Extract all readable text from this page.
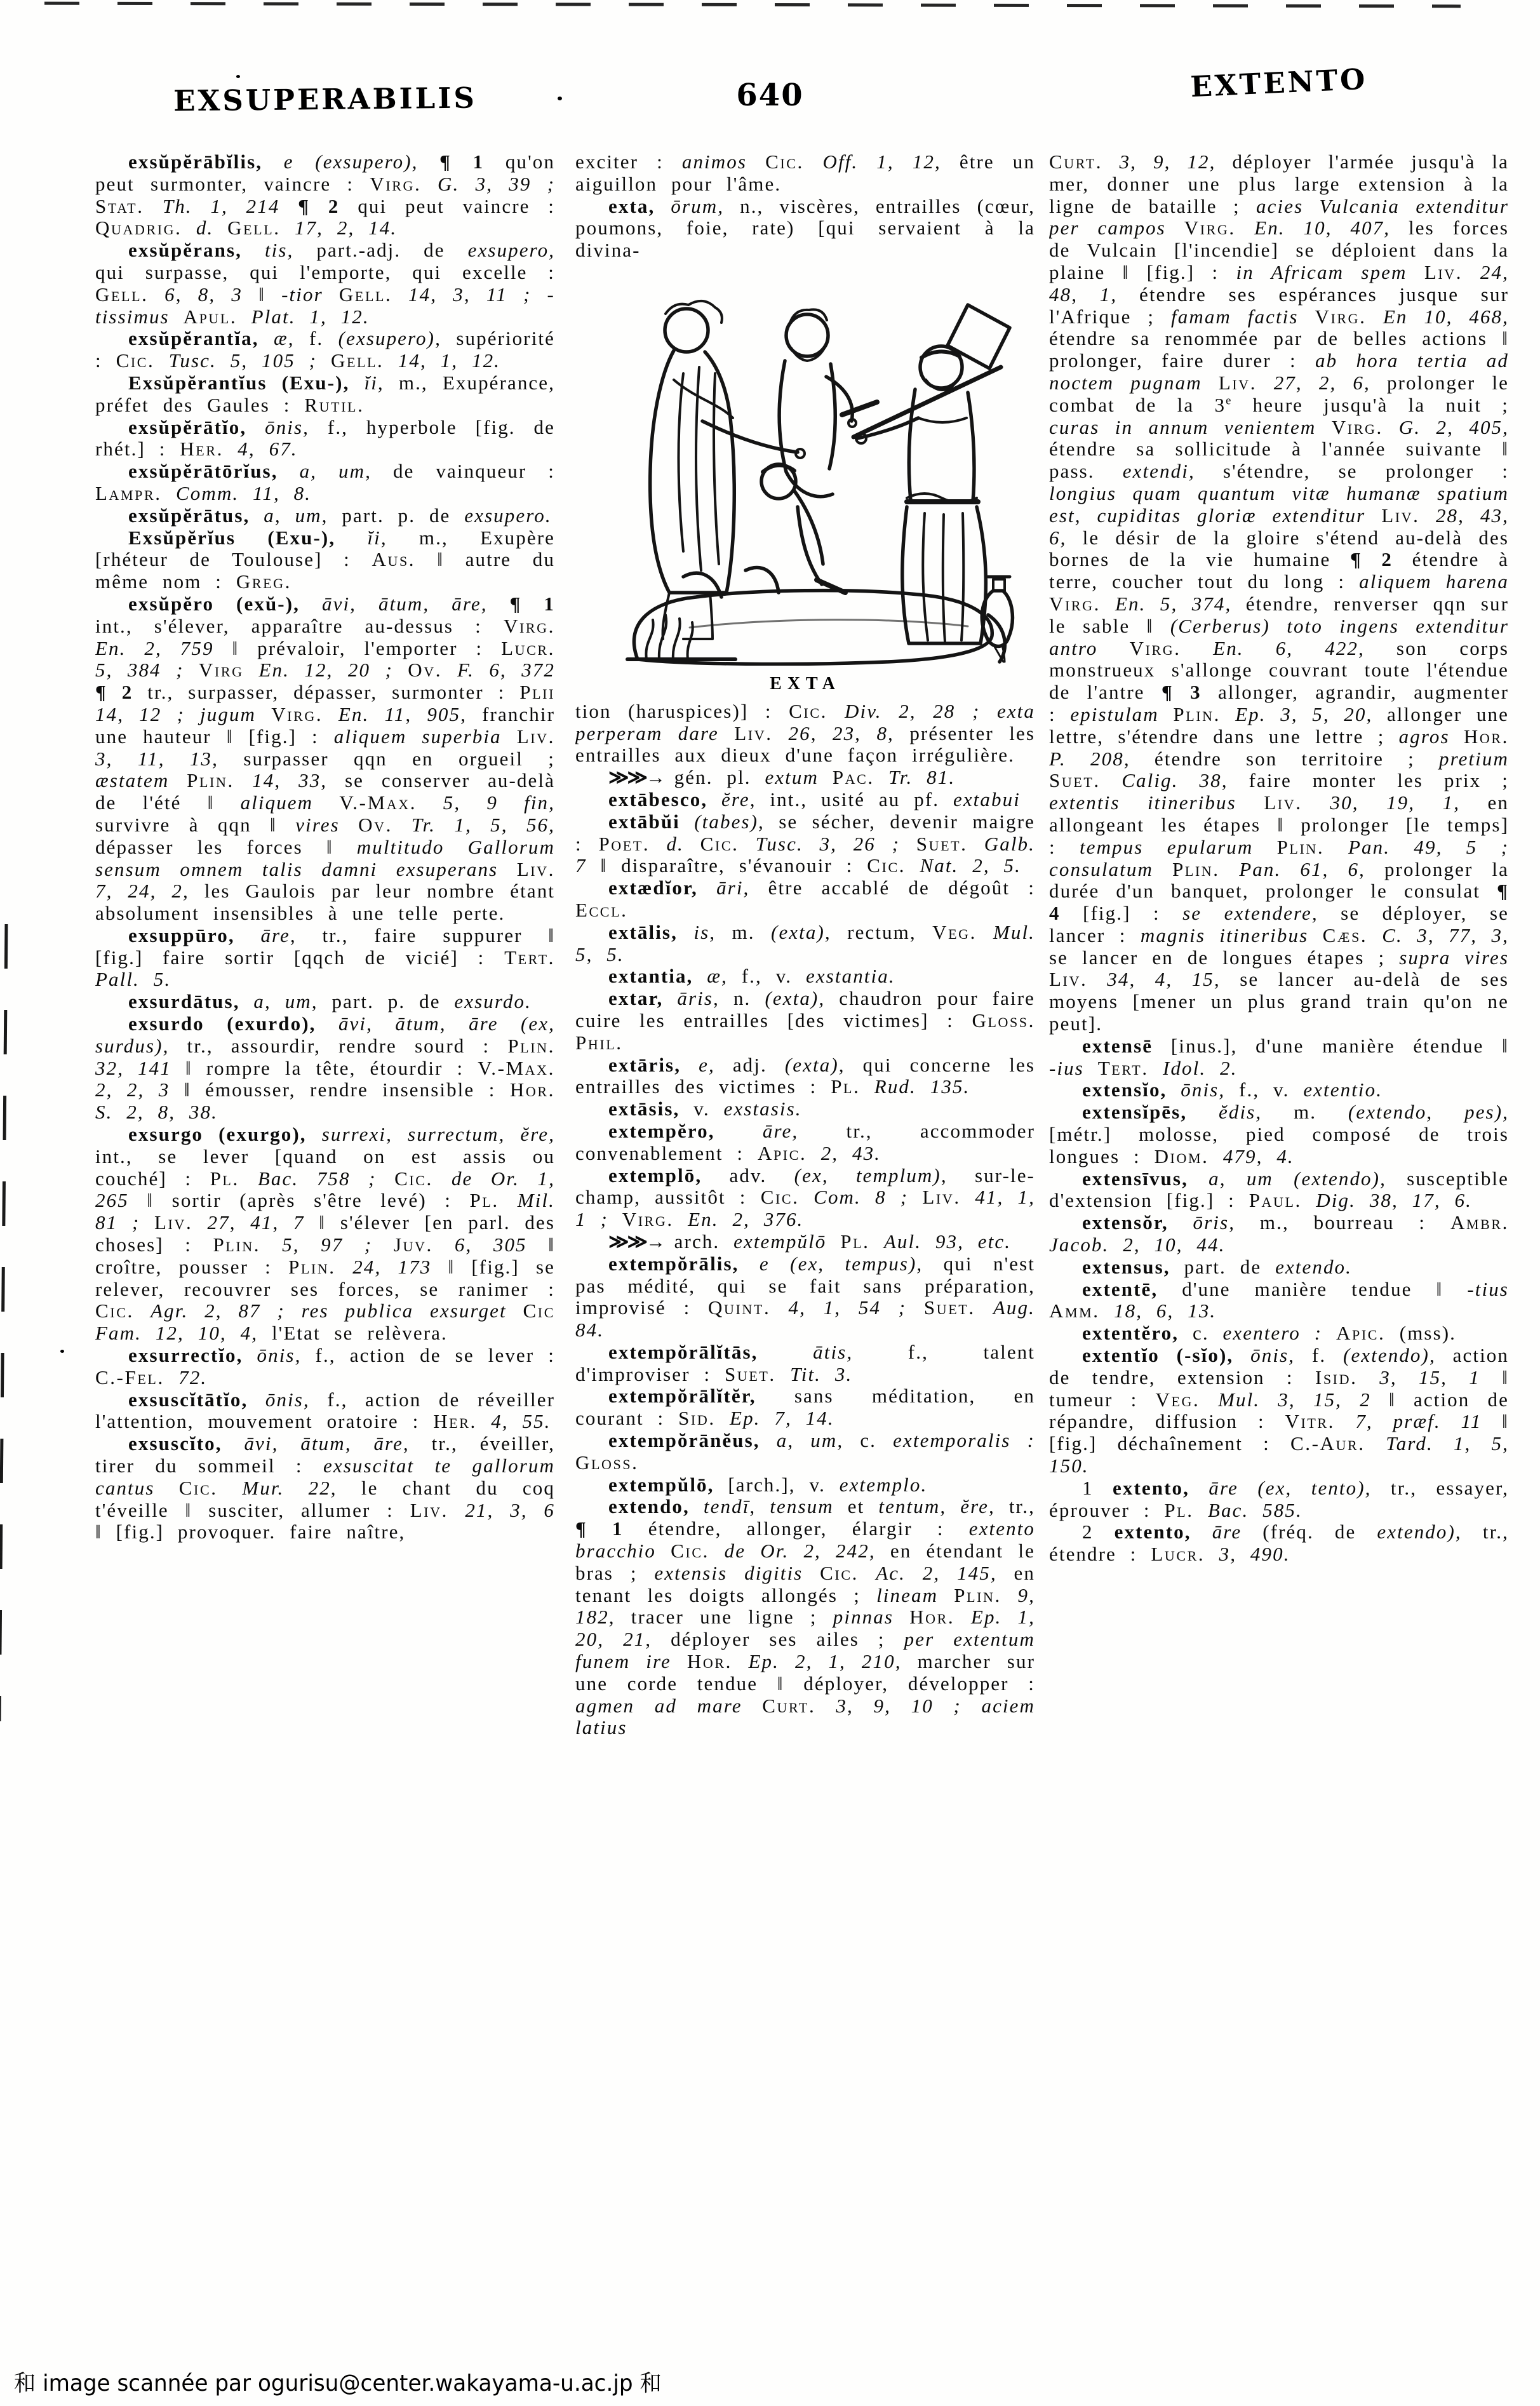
EXSUPERABILIS	640	EXTENTO

exsŭpĕrābĭlis, e (exsupero), ¶ 1 qu'on peut surmonter, vaincre : Virg. G. 3, 39 ; Stat. Th. 1, 214 ¶ 2 qui peut vaincre : Quadrig. d. Gell. 17, 2, 14.

exsŭpĕrans, tis, part.-adj. de exsupero, qui surpasse, qui l'emporte, qui excelle : Gell. 6, 8, 3 ‖ -tior Gell. 14, 3, 11 ; -tissimus Apul. Plat. 1, 12.

exsŭpĕrantĭa, æ, f. (exsupero), supériorité : Cic. Tusc. 5, 105 ; Gell. 14, 1, 12.

Exsŭpĕrantĭus (Exu-), ĭi, m., Exupérance, préfet des Gaules : Rutil.

exsŭpĕrātĭo, ōnis, f., hyperbole [fig. de rhét.] : Her. 4, 67.

exsŭpĕrātōrĭus, a, um, de vainqueur : Lampr. Comm. 11, 8.

exsŭpĕrātus, a, um, part. p. de exsupero.

Exsŭpĕrĭus (Exu-), ĭi, m., Exupère [rhéteur de Toulouse] : Aus. ‖ autre du même nom : Greg.

exsŭpĕro (exŭ-), āvi, ātum, āre, ¶ 1 int., s'élever, apparaître au-dessus : Virg. En. 2, 759 ‖ prévaloir, l'emporter : Lucr. 5, 384 ; Virg En. 12, 20 ; Ov. F. 6, 372 ¶ 2 tr., surpasser, dépasser, surmonter : Plii 14, 12 ; jugum Virg. En. 11, 905, franchir une hauteur ‖ [fig.] : aliquem superbia Liv. 3, 11, 13, surpasser qqn en orgueil ; æstatem Plin. 14, 33, se conserver au-delà de l'été ‖ aliquem V.-Max. 5, 9 fin, survivre à qqn ‖ vires Ov. Tr. 1, 5, 56, dépasser les forces ‖ multitudo Gallorum sensum omnem talis damni exsuperans Liv. 7, 24, 2, les Gaulois par leur nombre étant absolument insensibles à une telle perte.

exsuppūro, āre, tr., faire suppurer ‖ [fig.] faire sortir [qqch de vicié] : Tert. Pall. 5.

exsurdātus, a, um, part. p. de exsurdo.

exsurdo (exurdo), āvi, ātum, āre (ex, surdus), tr., assourdir, rendre sourd : Plin. 32, 141 ‖ rompre la tête, étourdir : V.-Max. 2, 2, 3 ‖ émousser, rendre insensible : Hor. S. 2, 8, 38.

exsurgo (exurgo), surrexi, surrectum, ĕre, int., se lever [quand on est assis ou couché] : Pl. Bac. 758 ; Cic. de Or. 1, 265 ‖ sortir (après s'être levé) : Pl. Mil. 81 ; Liv. 27, 41, 7 ‖ s'élever [en parl. des choses] : Plin. 5, 97 ; Juv. 6, 305 ‖ croître, pousser : Plin. 24, 173 ‖ [fig.] se relever, recouvrer ses forces, se ranimer : Cic. Agr. 2, 87 ; res publica exsurget Cic Fam. 12, 10, 4, l'Etat se relèvera.

exsurrectĭo, ōnis, f., action de se lever : C.-Fel. 72.

exsuscĭtātĭo, ōnis, f., action de réveiller l'attention, mouvement oratoire : Her. 4, 55.

exsuscĭto, āvi, ātum, āre, tr., éveiller, tirer du sommeil : exsuscitat te gallorum cantus Cic. Mur. 22, le chant du coq t'éveille ‖ susciter, allumer : Liv. 21, 3, 6 ‖ [fig.] provoquer. faire naître,

exciter : animos Cic. Off. 1, 12, être un aiguillon pour l'âme.

exta, ōrum, n., viscères, entrailles (cœur, poumons, foie, rate) [qui servaient à la divina-

EXTA

tion (haruspices)] : Cic. Div. 2, 28 ; exta perperam dare Liv. 26, 23, 8, présenter les entrailles aux dieux d'une façon irrégulière.

≫≫→ gén. pl. extum Pac. Tr. 81.

extābesco, ĕre, int., usité au pf. extabui

extābŭi (tabes), se sécher, devenir maigre : Poet. d. Cic. Tusc. 3, 26 ; Suet. Galb. 7 ‖ disparaître, s'évanouir : Cic. Nat. 2, 5.

extædĭor, āri, être accablé de dégoût : Eccl.

extālis, is, m. (exta), rectum, Veg. Mul. 5, 5.

extantia, æ, f., v. exstantia.

extar, āris, n. (exta), chaudron pour faire cuire les entrailles [des victimes] : Gloss. Phil.

extāris, e, adj. (exta), qui concerne les entrailles des victimes : Pl. Rud. 135.

extāsis, v. exstasis.

extempĕro, āre, tr., accommoder convenablement : Apic. 2, 43.

extemplō, adv. (ex, templum), sur-le-champ, aussitôt : Cic. Com. 8 ; Liv. 41, 1, 1 ; Virg. En. 2, 376.

≫≫→ arch. extempŭlō Pl. Aul. 93, etc.

extempŏrālis, e (ex, tempus), qui n'est pas médité, qui se fait sans préparation, improvisé : Quint. 4, 1, 54 ; Suet. Aug. 84.

extempŏrālĭtās, ātis, f., talent d'improviser : Suet. Tit. 3.

extempŏrālĭtĕr, sans méditation, en courant : Sid. Ep. 7, 14.

extempŏrānĕus, a, um, c. extemporalis : Gloss.

extempŭlō, [arch.], v. extemplo.

extendo, tendī, tensum et tentum, ĕre, tr., ¶ 1 étendre, allonger, élargir : extento bracchio Cic. de Or. 2, 242, en étendant le bras ; extensis digitis Cic. Ac. 2, 145, en tenant les doigts allongés ; lineam Plin. 9, 182, tracer une ligne ; pinnas Hor. Ep. 1, 20, 21, déployer ses ailes ; per extentum funem ire Hor. Ep. 2, 1, 210, marcher sur une corde tendue ‖ déployer, développer : agmen ad mare Curt. 3, 9, 10 ; aciem latius

Curt. 3, 9, 12, déployer l'armée jusqu'à la mer, donner une plus large extension à la ligne de bataille ; acies Vulcania extenditur per campos Virg. En. 10, 407, les forces de Vulcain [l'incendie] se déploient dans la plaine ‖ [fig.] : in Africam spem Liv. 24, 48, 1, étendre ses espérances jusque sur l'Afrique ; famam factis Virg. En 10, 468, étendre sa renommée par de belles actions ‖ prolonger, faire durer : ab hora tertia ad noctem pugnam Liv. 27, 2, 6, prolonger le combat de la 3e heure jusqu'à la nuit ; curas in annum venientem Virg. G. 2, 405, étendre sa sollicitude à l'année suivante ‖ pass. extendi, s'étendre, se prolonger : longius quam quantum vitæ humanæ spatium est, cupiditas gloriæ extenditur Liv. 28, 43, 6, le désir de la gloire s'étend au-delà des bornes de la vie humaine ¶ 2 étendre à terre, coucher tout du long : aliquem harena Virg. En. 5, 374, étendre, renverser qqn sur le sable ‖ (Cerberus) toto ingens extenditur antro Virg. En. 6, 422, son corps monstrueux s'allonge couvrant toute l'étendue de l'antre ¶ 3 allonger, agrandir, augmenter : epistulam Plin. Ep. 3, 5, 20, allonger une lettre, s'étendre dans une lettre ; agros Hor. P. 208, étendre son territoire ; pretium Suet. Calig. 38, faire monter les prix ; extentis itineribus Liv. 30, 19, 1, en allongeant les étapes ‖ prolonger [le temps] : tempus epularum Plin. Pan. 49, 5 ; consulatum Plin. Pan. 61, 6, prolonger la durée d'un banquet, prolonger le consulat ¶ 4 [fig.] : se extendere, se déployer, se lancer : magnis itineribus Cæs. C. 3, 77, 3, se lancer en de longues étapes ; supra vires Liv. 34, 4, 15, se lancer au-delà de ses moyens [mener un plus grand train qu'on ne peut].

extensē [inus.], d'une manière étendue ‖ -ius Tert. Idol. 2.

extensĭo, ōnis, f., v. extentio.

extensĭpēs, ĕdis, m. (extendo, pes), [métr.] molosse, pied composé de trois longues : Diom. 479, 4.

extensīvus, a, um (extendo), susceptible d'extension [fig.] : Paul. Dig. 38, 17, 6.

extensŏr, ōris, m., bourreau : Ambr. Jacob. 2, 10, 44.

extensus, part. de extendo.

extentē, d'une manière tendue ‖ -tius Amm. 18, 6, 13.

extentĕro, c. exentero : Apic. (mss).

extentĭo (-sĭo), ōnis, f. (extendo), action de tendre, extension : Isid. 3, 15, 1 ‖ tumeur : Veg. Mul. 3, 15, 2 ‖ action de répandre, diffusion : Vitr. 7, præf. 11 ‖ [fig.] déchaînement : C.-Aur. Tard. 1, 5, 150.

1 extento, āre (ex, tento), tr., essayer, éprouver : Pl. Bac. 585.

2 extento, āre (fréq. de extendo), tr., étendre : Lucr. 3, 490.

和 image scannée par ogurisu@center.wakayama-u.ac.jp 和
